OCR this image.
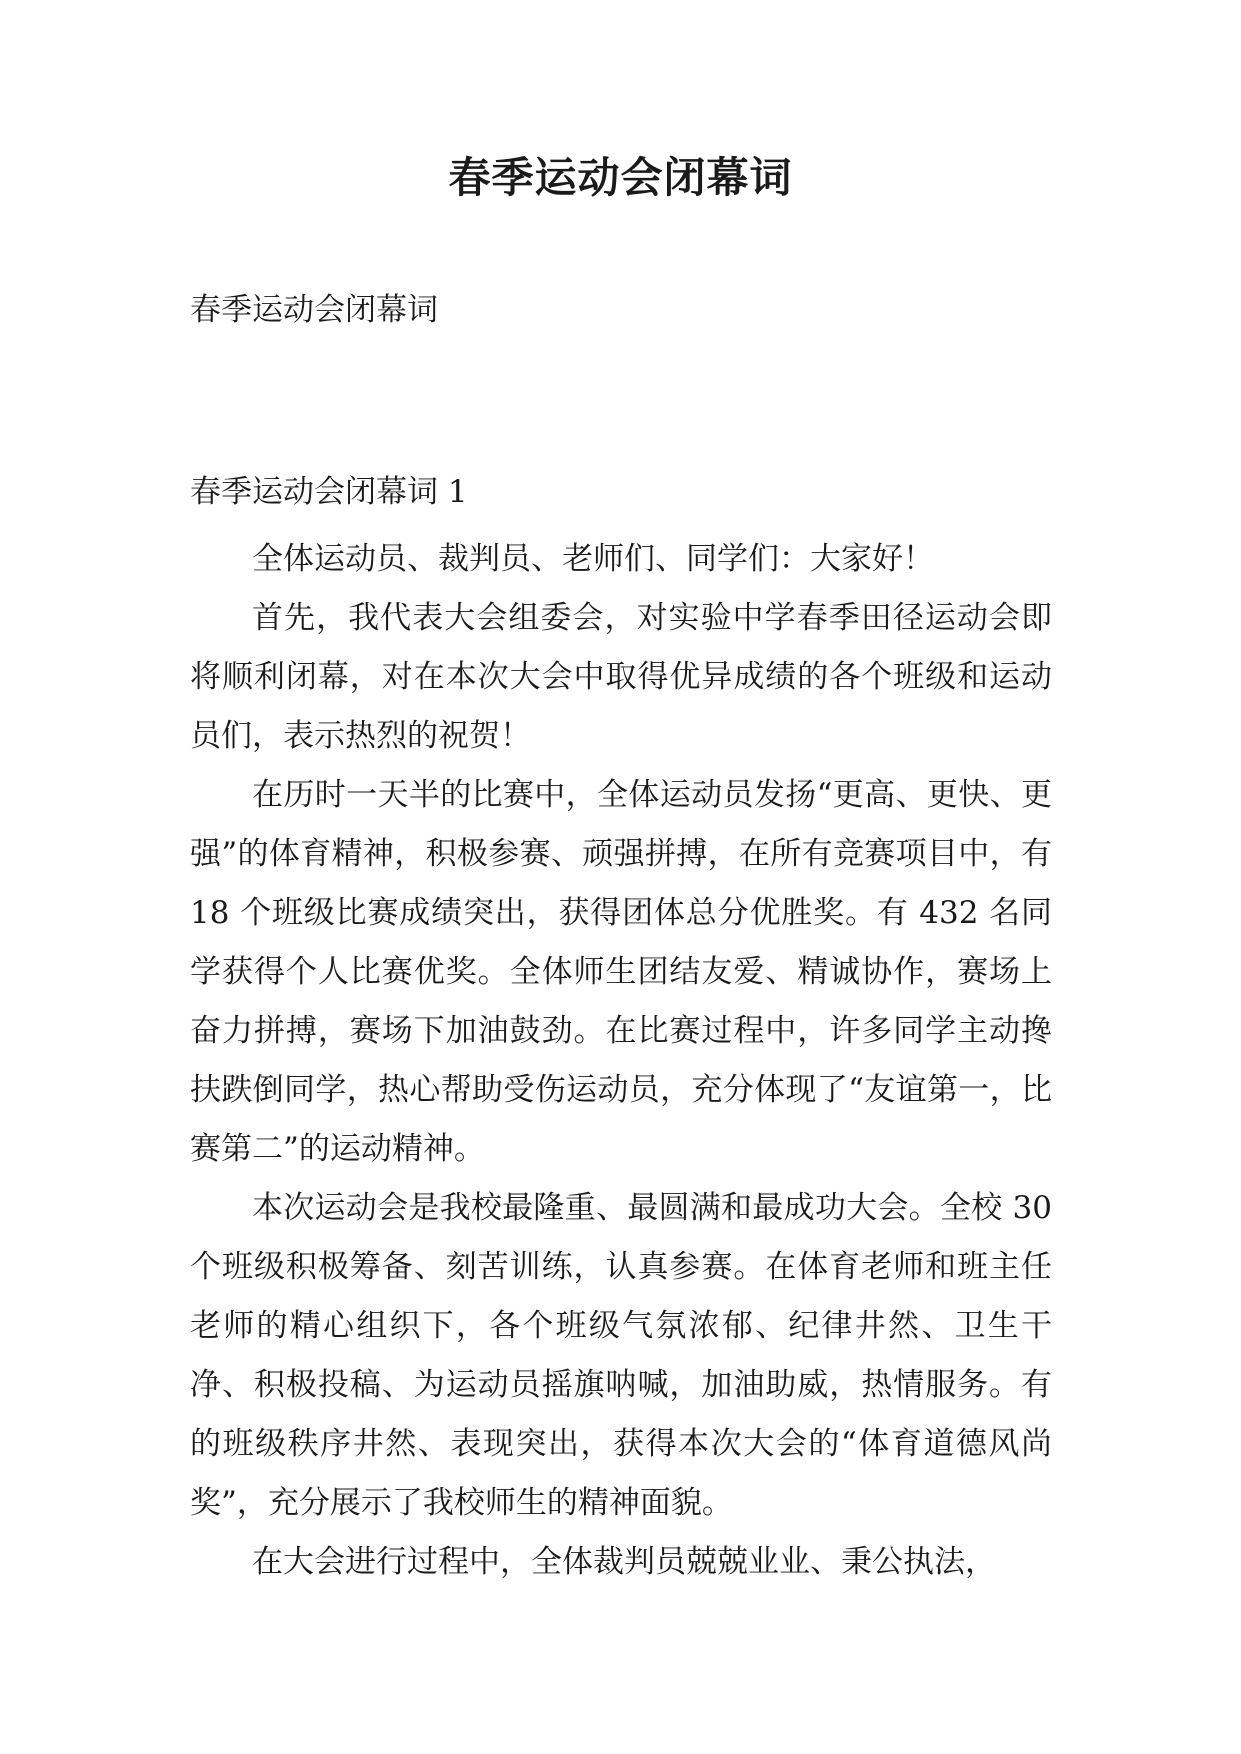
春季运动会闭幕词
春季运动会闭幕词
春季运动会闭幕词 1

全体运动员、裁判员、老师们、同学们：大家好！

首先，我代表大会组委会，对实验中学春季田径运动会即将顺利闭幕，对在本次大会中取得优异成绩的各个班级和运动员们，表示热烈的祝贺！

在历时一天半的比赛中，全体运动员发扬“更高、更快、更强”的体育精神，积极参赛、顽强拼搏，在所有竞赛项目中，有 18 个班级比赛成绩突出，获得团体总分优胜奖。有 432 名同学获得个人比赛优奖。全体师生团结友爱、精诚协作，赛场上奋力拼搏，赛场下加油鼓劲。在比赛过程中，许多同学主动搀扶跌倒同学，热心帮助受伤运动员，充分体现了“友谊第一，比赛第二”的运动精神。

本次运动会是我校最隆重、最圆满和最成功大会。全校 30 个班级积极筹备、刻苦训练，认真参赛。在体育老师和班主任老师的精心组织下，各个班级气氛浓郁、纪律井然、卫生干净、积极投稿、为运动员摇旗呐喊，加油助威，热情服务。有的班级秩序井然、表现突出，获得本次大会的“体育道德风尚奖”，充分展示了我校师生的精神面貌。

在大会进行过程中，全体裁判员兢兢业业、秉公执法，
